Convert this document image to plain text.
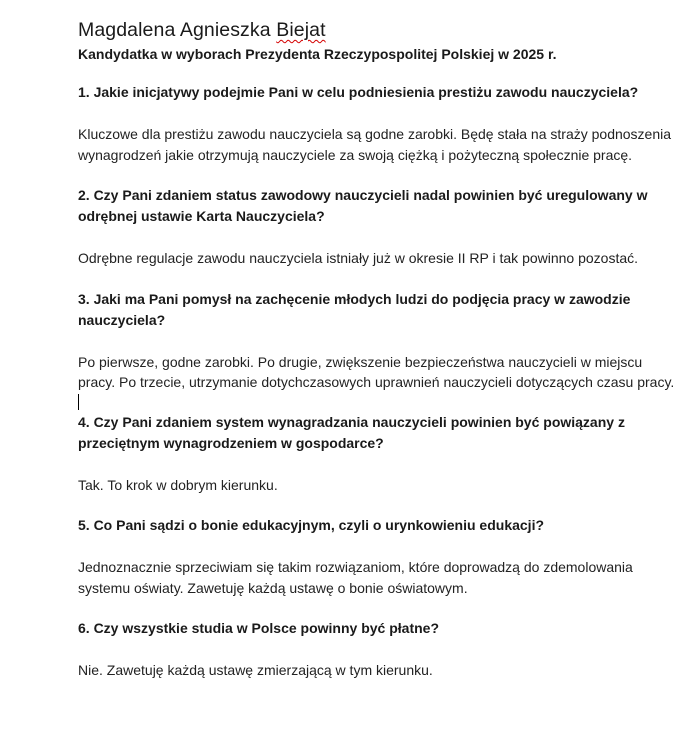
Magdalena Agnieszka Biejat

Kandydatka w wyborach Prezydenta Rzeczypospolitej Polskiej w 2025 r.

1. Jakie inicjatywy podejmie Pani w celu podniesienia prestiżu zawodu nauczyciela?

Kluczowe dla prestiżu zawodu nauczyciela są godne zarobki. Będę stała na straży podnoszenia wynagrodzeń jakie otrzymują nauczyciele za swoją ciężką i pożyteczną społecznie pracę.

2. Czy Pani zdaniem status zawodowy nauczycieli nadal powinien być uregulowany w odrębnej ustawie Karta Nauczyciela?

Odrębne regulacje zawodu nauczyciela istniały już w okresie II RP i tak powinno pozostać.

3. Jaki ma Pani pomysł na zachęcenie młodych ludzi do podjęcia pracy w zawodzie nauczyciela?

Po pierwsze, godne zarobki. Po drugie, zwiększenie bezpieczeństwa nauczycieli w miejscu pracy. Po trzecie, utrzymanie dotychczasowych uprawnień nauczycieli dotyczących czasu pracy.

4. Czy Pani zdaniem system wynagradzania nauczycieli powinien być powiązany z przeciętnym wynagrodzeniem w gospodarce?

Tak. To krok w dobrym kierunku.

5. Co Pani sądzi o bonie edukacyjnym, czyli o urynkowieniu edukacji?

Jednoznacznie sprzeciwiam się takim rozwiązaniom, które doprowadzą do zdemolowania systemu oświaty. Zawetuję każdą ustawę o bonie oświatowym.

6. Czy wszystkie studia w Polsce powinny być płatne?

Nie. Zawetuję każdą ustawę zmierzającą w tym kierunku.
